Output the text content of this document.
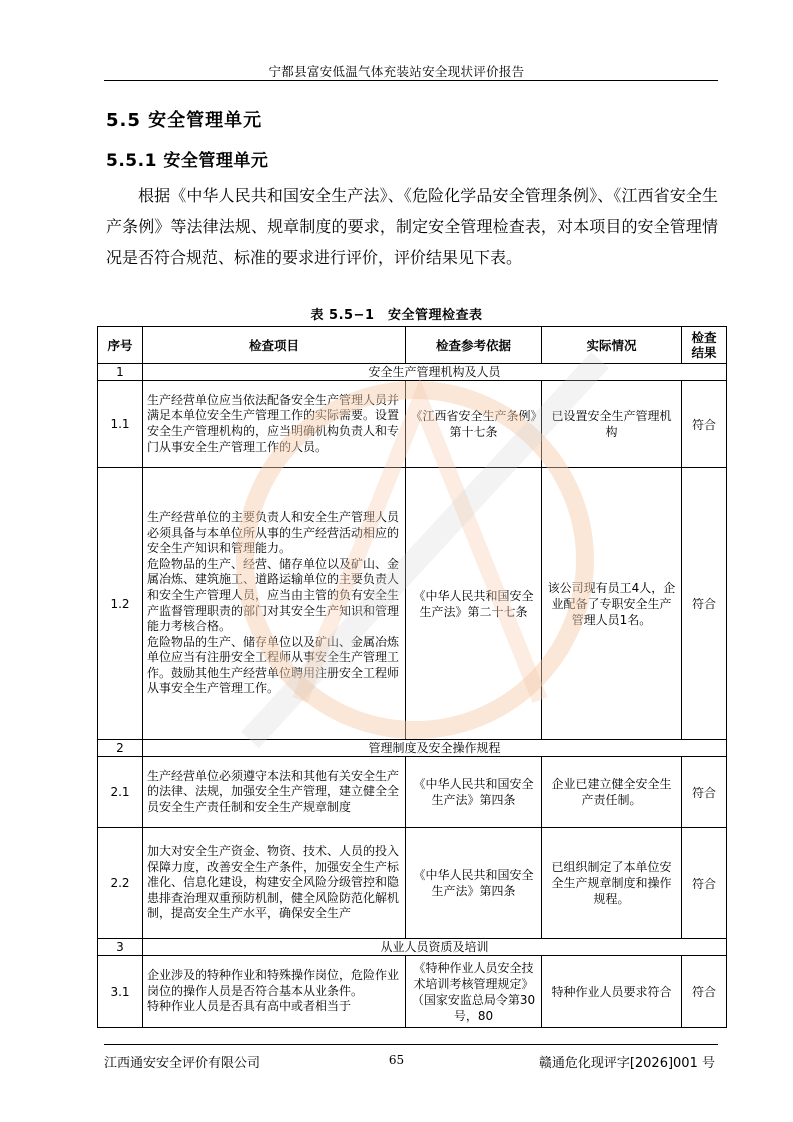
宁都县富安低温气体充装站安全现状评价报告
5.5 安全管理单元
5.5.1 安全管理单元
根据《中华人民共和国安全生产法》、《危险化学品安全管理条例》、《江西省安全生产条例》等法律法规、规章制度的要求，制定安全管理检查表，对本项目的安全管理情况是否符合规范、标准的要求进行评价，评价结果见下表。
表 5.5−1　安全管理检查表
序号	检查项目	检查参考依据	实际情况	检查结果
1	安全生产管理机构及人员			
1.1	生产经营单位应当依法配备安全生产管理人员并满足本单位安全生产管理工作的实际需要。设置安全生产管理机构的，应当明确机构负责人和专门从事安全生产管理工作的人员。	《江西省安全生产条例》第十七条	已设置安全生产管理机构	符合
1.2	生产经营单位的主要负责人和安全生产管理人员必须具备与本单位所从事的生产经营活动相应的安全生产知识和管理能力。
危险物品的生产、经营、储存单位以及矿山、金属冶炼、建筑施工、道路运输单位的主要负责人和安全生产管理人员，应当由主管的负有安全生产监督管理职责的部门对其安全生产知识和管理能力考核合格。
危险物品的生产、储存单位以及矿山、金属冶炼单位应当有注册安全工程师从事安全生产管理工作。鼓励其他生产经营单位聘用注册安全工程师从事安全生产管理工作。	《中华人民共和国安全生产法》第二十七条	该公司现有员工4人，企业配备了专职安全生产管理人员1名。	符合
2	管理制度及安全操作规程			
2.1	生产经营单位必须遵守本法和其他有关安全生产的法律、法规，加强安全生产管理，建立健全全员安全生产责任制和安全生产规章制度	《中华人民共和国安全生产法》第四条	企业已建立健全安全生产责任制。	符合
2.2	加大对安全生产资金、物资、技术、人员的投入保障力度，改善安全生产条件，加强安全生产标准化、信息化建设，构建安全风险分级管控和隐患排查治理双重预防机制，健全风险防范化解机制，提高安全生产水平，确保安全生产	《中华人民共和国安全生产法》第四条	已组织制定了本单位安全生产规章制度和操作规程。	符合
3	从业人员资质及培训			
3.1	企业涉及的特种作业和特殊操作岗位，危险作业岗位的操作人员是否符合基本从业条件。
特种作业人员是否具有高中或者相当于	《特种作业人员安全技术培训考核管理规定》（国家安监总局令第30号，80	特种作业人员要求符合	符合
江西通安安全评价有限公司	65	赣通危化现评字[2026]001 号
